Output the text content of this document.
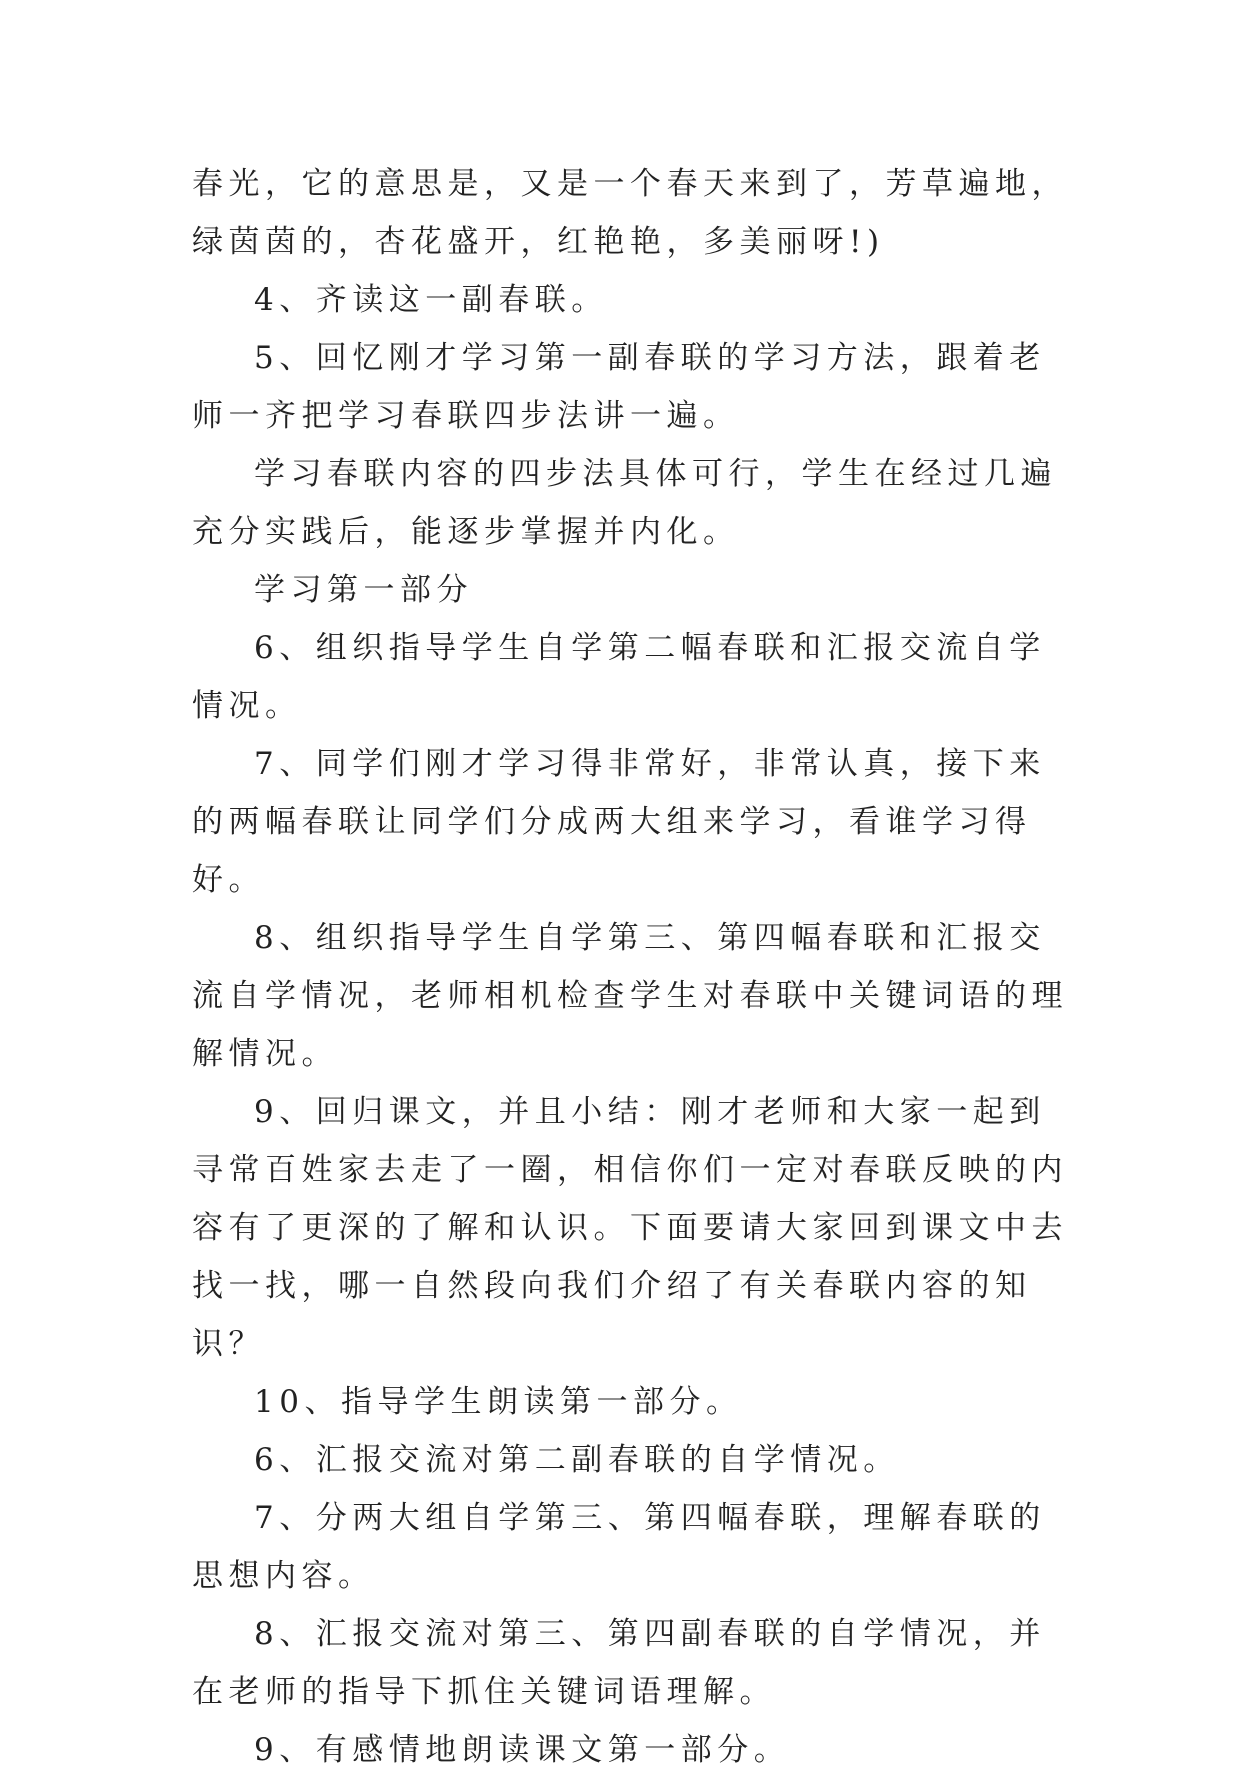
春光，它的意思是，又是一个春天来到了，芳草遍地，绿茵茵的，杏花盛开，红艳艳，多美丽呀!)

4、齐读这一副春联。

5、回忆刚才学习第一副春联的学习方法，跟着老师一齐把学习春联四步法讲一遍。

学习春联内容的四步法具体可行，学生在经过几遍充分实践后，能逐步掌握并内化。

学习第一部分

6、组织指导学生自学第二幅春联和汇报交流自学情况。

7、同学们刚才学习得非常好，非常认真，接下来的两幅春联让同学们分成两大组来学习，看谁学习得好。

8、组织指导学生自学第三、第四幅春联和汇报交流自学情况，老师相机检查学生对春联中关键词语的理解情况。

9、回归课文，并且小结：刚才老师和大家一起到寻常百姓家去走了一圈，相信你们一定对春联反映的内容有了更深的了解和认识。下面要请大家回到课文中去找一找，哪一自然段向我们介绍了有关春联内容的知识？

10、指导学生朗读第一部分。

6、汇报交流对第二副春联的自学情况。

7、分两大组自学第三、第四幅春联，理解春联的思想内容。

8、汇报交流对第三、第四副春联的自学情况，并在老师的指导下抓住关键词语理解。

9、有感情地朗读课文第一部分。
